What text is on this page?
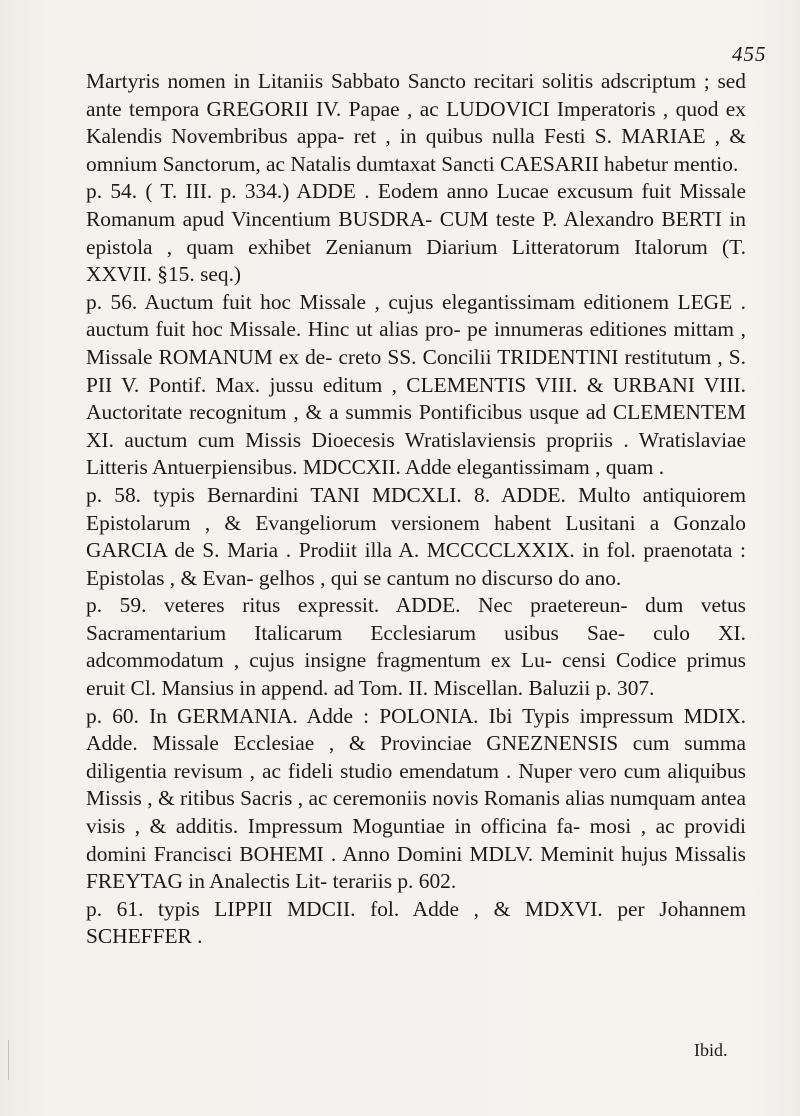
455

Martyris nomen in Litaniis Sabbato Sancto recitari solitis adscriptum ; sed ante tempora GREGORII IV. Papae , ac LUDOVICI Imperatoris , quod ex Kalendis Novembribus appa- ret , in quibus nulla Festi S. MARIAE , & omnium Sanctorum, ac Natalis dumtaxat Sancti CAESARII habetur mentio.

p. 54. ( T. III. p. 334.) ADDE . Eodem anno Lucae excusum fuit Missale Romanum apud Vincentium BUSDRA- CUM teste P. Alexandro BERTI in epistola , quam exhibet Zenianum Diarium Litteratorum Italorum (T. XXVII. §15. seq.)

p. 56. Auctum fuit hoc Missale , cujus elegantissimam editionem LEGE . auctum fuit hoc Missale. Hinc ut alias pro- pe innumeras editiones mittam , Missale ROMANUM ex de- creto SS. Concilii TRIDENTINI restitutum , S. PII V. Pontif. Max. jussu editum , CLEMENTIS VIII. & URBANI VIII. Auctoritate recognitum , & a summis Pontificibus usque ad CLEMENTEM XI. auctum cum Missis Dioecesis Wratislaviensis propriis . Wratislaviae Litteris Antuerpiensibus. MDCCXII. Adde elegantissimam , quam .

p. 58. typis Bernardini TANI MDCXLI. 8. ADDE. Multo antiquiorem Epistolarum , & Evangeliorum versionem habent Lusitani a Gonzalo GARCIA de S. Maria . Prodiit illa A. MCCCCLXXIX. in fol. praenotata : Epistolas , & Evan- gelhos , qui se cantum no discurso do ano.

p. 59. veteres ritus expressit. ADDE. Nec praetereun- dum vetus Sacramentarium Italicarum Ecclesiarum usibus Sae- culo XI. adcommodatum , cujus insigne fragmentum ex Lu- censi Codice primus eruit Cl. Mansius in append. ad Tom. II. Miscellan. Baluzii p. 307.

p. 60. In GERMANIA. Adde : POLONIA. Ibi Typis impressum MDIX. Adde. Missale Ecclesiae , & Provinciae GNEZNENSIS cum summa diligentia revisum , ac fideli studio emendatum . Nuper vero cum aliquibus Missis , & ritibus Sacris , ac ceremoniis novis Romanis alias numquam antea visis , & additis. Impressum Moguntiae in officina fa- mosi , ac providi domini Francisci BOHEMI . Anno Domini MDLV. Meminit hujus Missalis FREYTAG in Analectis Lit- terariis p. 602.

p. 61. typis LIPPII MDCII. fol. Adde , & MDXVI. per Johannem SCHEFFER .

Ibid.
